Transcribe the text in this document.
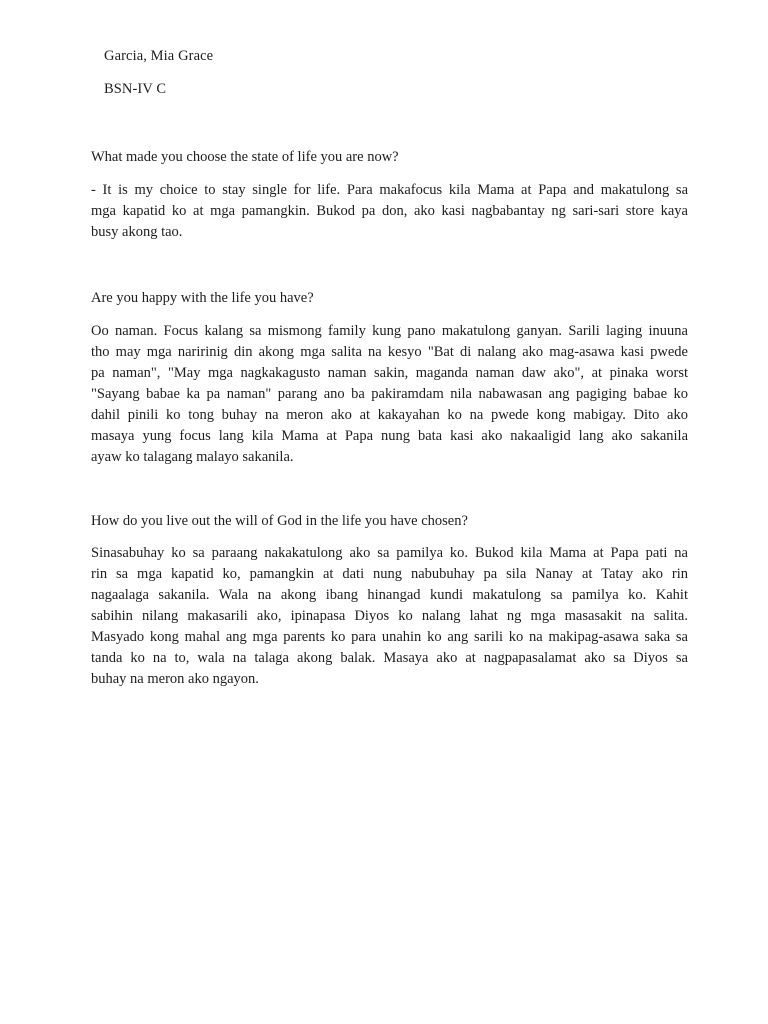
Garcia, Mia Grace
BSN-IV C
What made you choose the state of life you are now?
- It is my choice to stay single for life. Para makafocus kila Mama at Papa and makatulong sa
mga kapatid ko at mga pamangkin. Bukod pa don, ako kasi nagbabantay ng sari-sari store kaya
busy akong tao.
Are you happy with the life you have?
Oo naman. Focus kalang sa mismong family kung pano makatulong ganyan. Sarili laging inuuna
tho may mga naririnig din akong mga salita na kesyo "Bat di nalang ako mag-asawa kasi pwede
pa naman", "May mga nagkakagusto naman sakin, maganda naman daw ako", at pinaka worst
"Sayang babae ka pa naman" parang ano ba pakiramdam nila nabawasan ang pagiging babae ko
dahil pinili ko tong buhay na meron ako at kakayahan ko na pwede kong mabigay. Dito ako
masaya yung focus lang kila Mama at Papa nung bata kasi ako nakaaligid lang ako sakanila
ayaw ko talagang malayo sakanila.
How do you live out the will of God in the life you have chosen?
Sinasabuhay ko sa paraang nakakatulong ako sa pamilya ko. Bukod kila Mama at Papa pati na
rin sa mga kapatid ko, pamangkin at dati nung nabubuhay pa sila Nanay at Tatay ako rin
nagaalaga sakanila. Wala na akong ibang hinangad kundi makatulong sa pamilya ko. Kahit
sabihin nilang makasarili ako, ipinapasa Diyos ko nalang lahat ng mga masasakit na salita.
Masyado kong mahal ang mga parents ko para unahin ko ang sarili ko na makipag-asawa saka sa
tanda ko na to, wala na talaga akong balak. Masaya ako at nagpapasalamat ako sa Diyos sa
buhay na meron ako ngayon.
